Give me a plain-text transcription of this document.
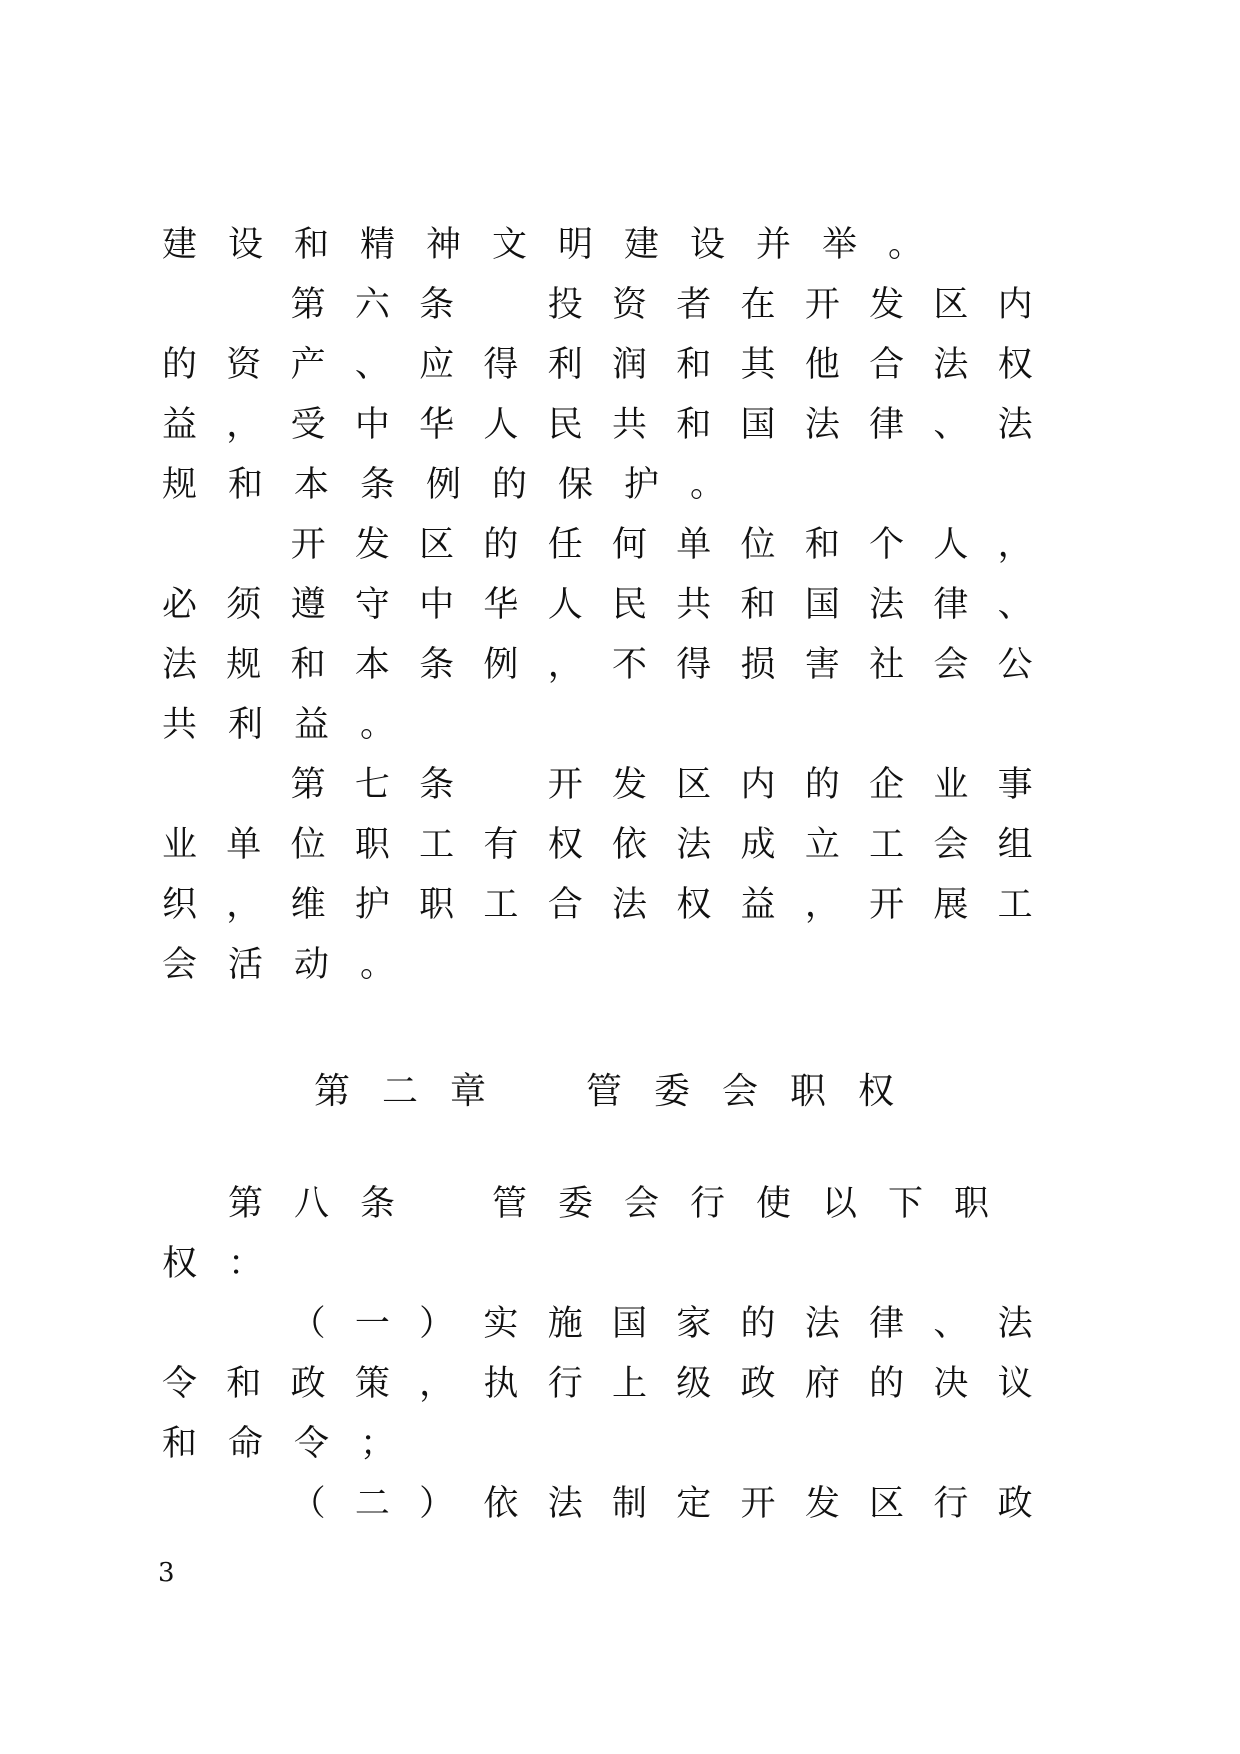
建 设 和 精 神 文 明 建 设 并 举 。

第 六 条
　	投 资 者 在 开 发 区 内
的 资 产 、 应 得 利 润 和 其 他 合 法 权
益 ， 受 中 华 人 民 共 和 国 法 律 、 法
规 和 本 条 例 的 保 护 。

开 发 区 的 任 何 单 位 和 个 人 ，
必 须 遵 守 中 华 人 民 共 和 国 法 律 、
法 规 和 本 条 例 ， 不 得 损 害 社 会 公
共 利 益 。

第 七 条
　	开 发 区 内 的 企 业 事
业 单 位 职 工 有 权 依 法 成 立 工 会 组
织 ， 维 护 职 工 合 法 权 益 ， 开 展 工
会 活 动 。
第二章　管委会职权

第 八 条
　	管 委 会 行 使 以 下 职
权 ：

（ 一 ） 实 施 国 家 的 法 律 、 法
令 和 政 策 ， 执 行 上 级 政 府 的 决 议
和 命 令 ；

（ 二 ） 依 法 制 定 开 发 区 行 政
3
